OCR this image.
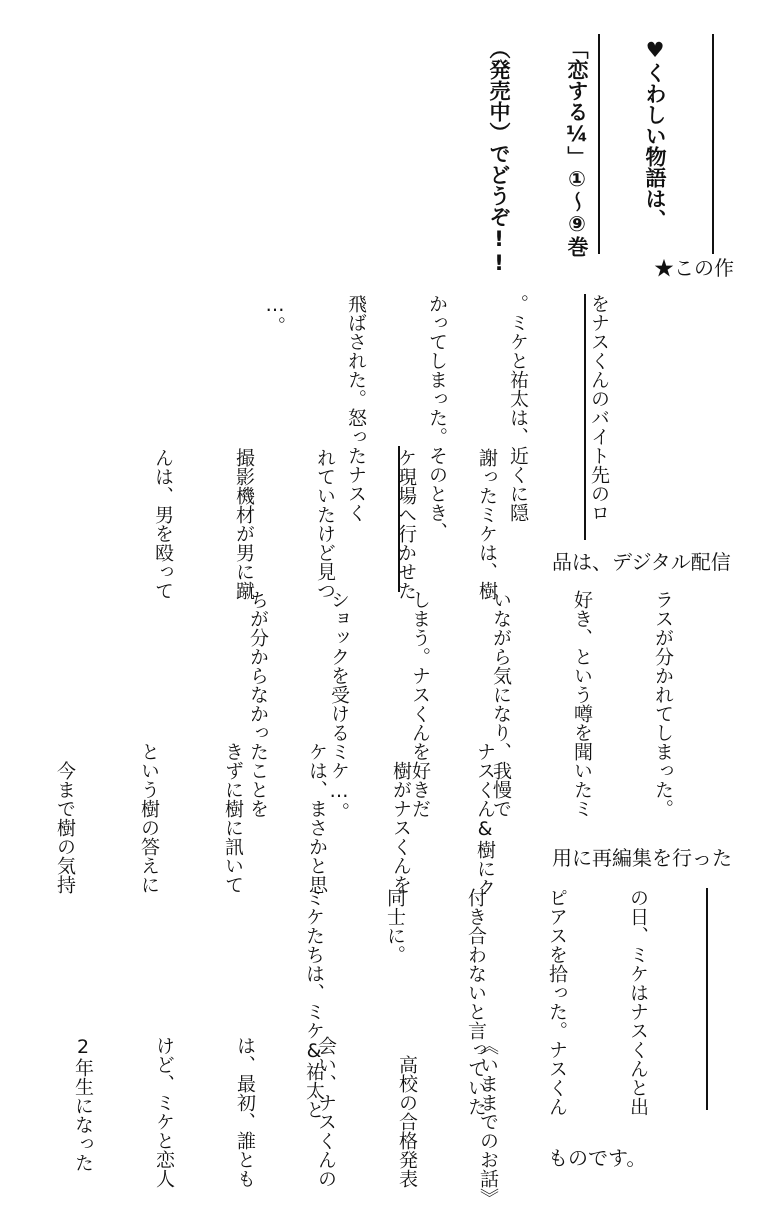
♥くわしい物語は、

「恋する¼」①〜⑨巻

（発売中）でどうぞ!!	★この作
品は、デジタル配信
用に再編集を行った
ものです。

をナスくんのバイト先のロ

。ミケと祐太は、近くに隠

かってしまった。そのとき、

飛ばされた。怒ったナスく

…。

謝ったミケは、樹

ケ現場へ行かせた

れていたけど見つ

撮影機材が男に蹴

んは、男を殴って

ラスが分かれてしまった。

好き、という噂を聞いたミ

いながら気になり、我慢で

しまう。ナスくんを好きだ

ショックを受けるミケ…。

ちが分からなかったことを

ナスくん&樹にク

　樹がナスくんを

ケは、まさかと思

きずに樹に訊いて

という樹の答えに

　今まで樹の気持

の日、ミケはナスくんと出

ピアスを拾った。ナスくん

付き合わないと言っていた

同士に。

ミケたちは、ミケ&祐太と

《いままでのお話》

　高校の合格発表

会い、ナスくんの

は、最初、誰とも

けど、ミケと恋人

2年生になった
